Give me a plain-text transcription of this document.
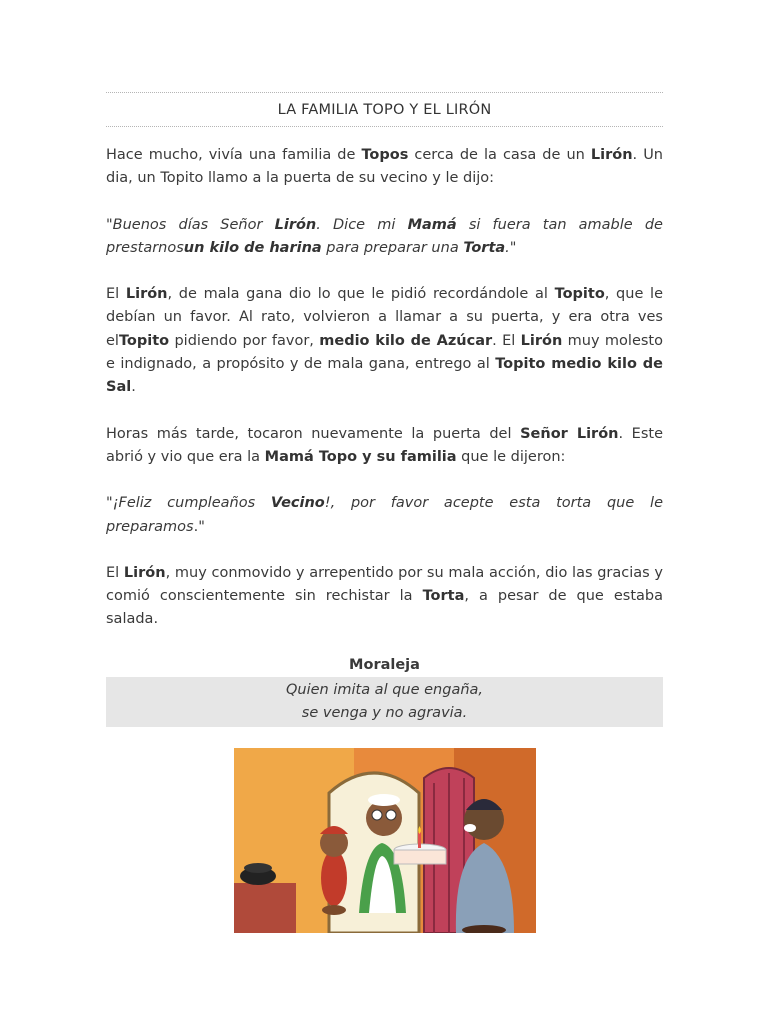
LA FAMILIA TOPO Y EL LIRÓN

Hace mucho, vivía una familia de Topos cerca de la casa de un Lirón. Un dia, un Topito llamo a la puerta de su vecino y le dijo:

"Buenos días Señor Lirón. Dice mi Mamá si fuera tan amable de prestarnosun kilo de harina para preparar una Torta."

El Lirón, de mala gana dio lo que le pidió recordándole al Topito, que le debían un favor. Al rato, volvieron a llamar a su puerta, y era otra ves elTopito pidiendo por favor, medio kilo de Azúcar. El Lirón muy molesto e indignado, a propósito y de mala gana, entrego al Topito medio kilo de Sal.

Horas más tarde, tocaron nuevamente la puerta del Señor Lirón. Este abrió y vio que era la Mamá Topo y su familia que le dijeron:

"¡Feliz cumpleaños Vecino!, por favor acepte esta torta que le preparamos."

El Lirón, muy conmovido y arrepentido por su mala acción, dio las gracias y comió conscientemente sin rechistar la Torta, a pesar de que estaba salada.

Moraleja
Quien imita al que engaña,
se venga y no agravia.
